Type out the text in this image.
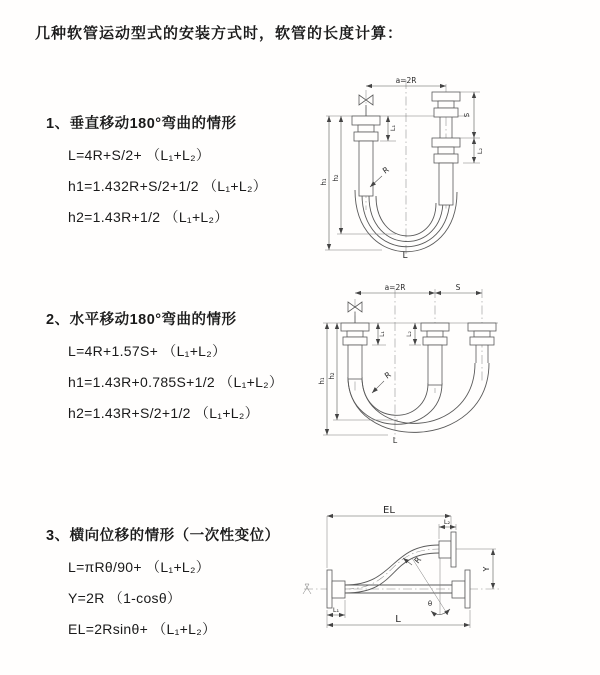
几种软管运动型式的安装方式时，软管的长度计算：
1、垂直移动180°弯曲的情形

L=4R+S/2+ （L₁+L₂）

h1=1.432R+S/2+1/2 （L₁+L₂）

h2=1.43R+1/2 （L₁+L₂）

a=2R
S
L₂
L₁
h₁
h₂
R
L
2、水平移动180°弯曲的情形

L=4R+1.57S+ （L₁+L₂）

h1=1.43R+0.785S+1/2 （L₁+L₂）

h2=1.43R+S/2+1/2 （L₁+L₂）

a=2R	S
L₁	L₂
h₁
h₂	R
L
3、横向位移的情形（一次性变位）

L=πRθ/90+ （L₁+L₂）

Y=2R （1-cosθ）

EL=2Rsinθ+ （L₁+L₂）

EL
L₂
Y
θ
R
L
L₁
